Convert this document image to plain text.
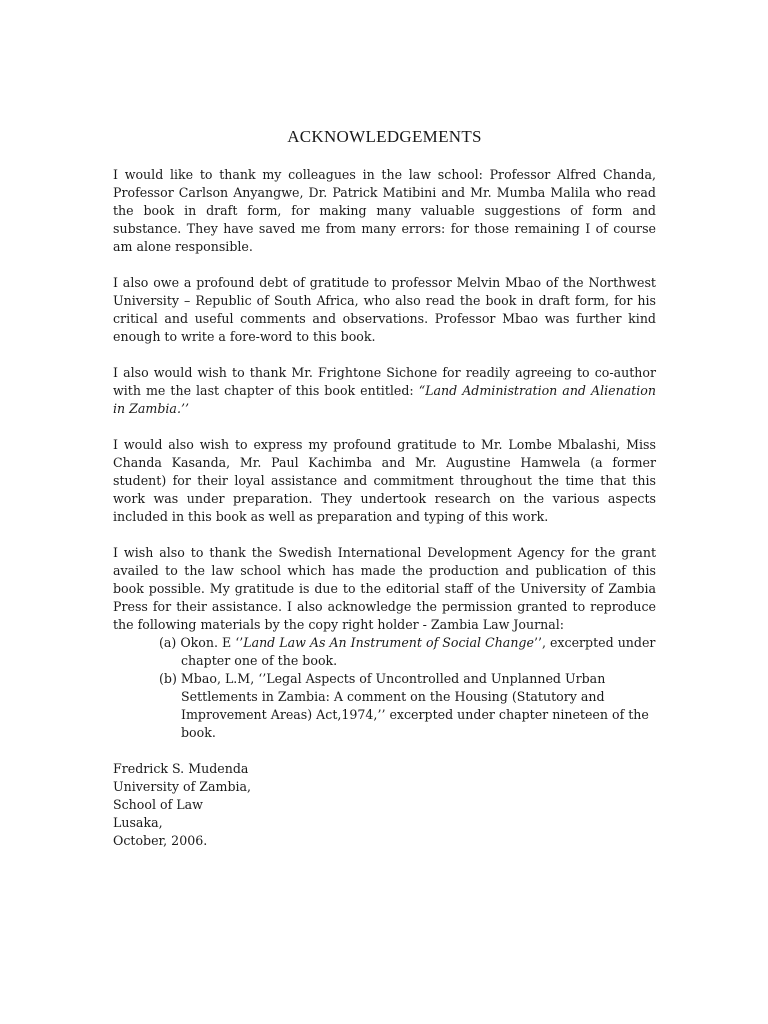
ACKNOWLEDGEMENTS

I would like to thank my colleagues in the law school: Professor Alfred Chanda, Professor Carlson Anyangwe, Dr. Patrick Matibini and Mr. Mumba Malila who read the book in draft form, for making many valuable suggestions of form and substance. They have saved me from many errors: for those remaining I of course am alone responsible.

I also owe a profound debt of gratitude to professor Melvin Mbao of the Northwest University – Republic of South Africa, who also read the book in draft form, for his critical and useful comments and observations. Professor Mbao was further kind enough to write a fore-word to this book.

I also would wish to thank Mr. Frightone Sichone for readily agreeing to co-author with me the last chapter of this book entitled: “Land Administration and Alienation in Zambia.’’

I would also wish to express my profound gratitude to Mr. Lombe Mbalashi, Miss Chanda Kasanda, Mr. Paul Kachimba and Mr. Augustine Hamwela (a former student) for their loyal assistance and commitment throughout the time that this work was under preparation. They undertook research on the various aspects included in this book as well as preparation and typing of this work.

I wish also to thank the Swedish International Development Agency for the grant availed to the law school which has made the production and publication of this book possible. My gratitude is due to the editorial staff of the University of Zambia Press for their assistance. I also acknowledge the permission granted to reproduce the following materials by the copy right holder - Zambia Law Journal:

(a) Okon. E ‘’Land Law As An Instrument of Social Change’’, excerpted under chapter one of the book.
(b) Mbao, L.M, ‘’Legal Aspects of Uncontrolled and Unplanned Urban Settlements in Zambia: A comment on the Housing (Statutory and Improvement Areas) Act,1974,’’ excerpted under chapter nineteen of the book.
Fredrick S. Mudenda
University of Zambia,
School of Law
Lusaka,
October, 2006.
